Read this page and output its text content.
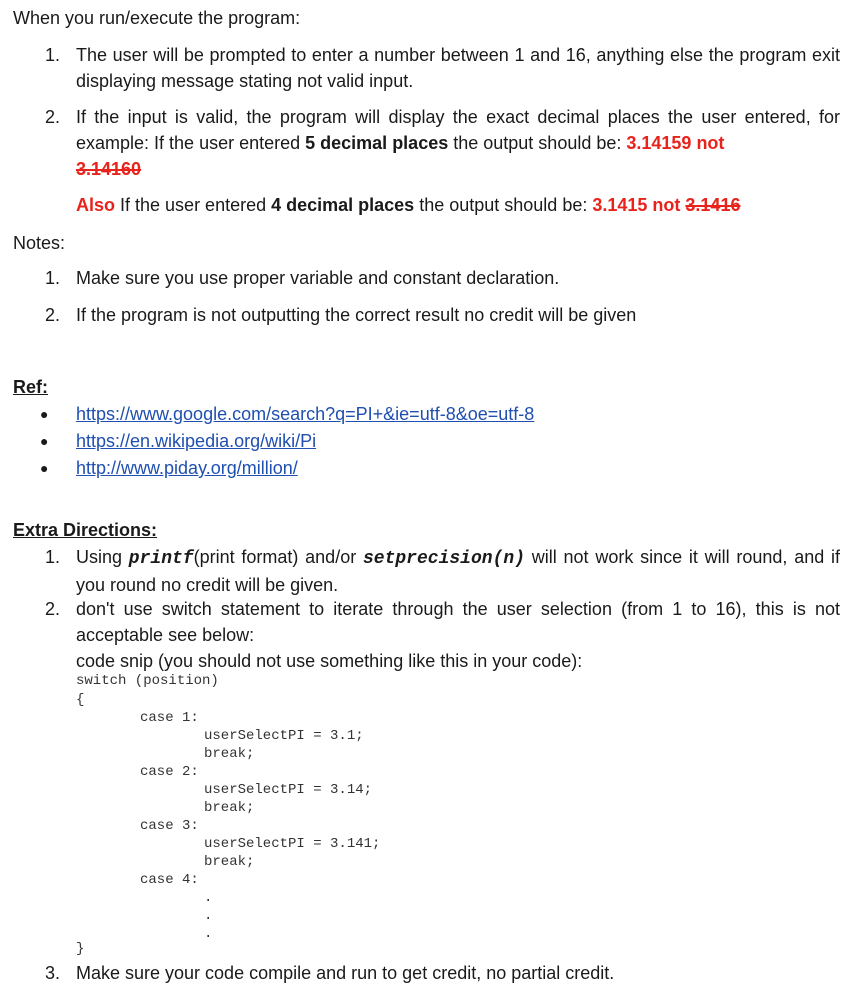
When you run/execute the program:
1. The user will be prompted to enter a number between 1 and 16, anything else the program exit displaying message stating not valid input.
2. If the input is valid, the program will display the exact decimal places the user entered, for example: If the user entered 5 decimal places the output should be: 3.14159 not
3.14160
Also If the user entered 4 decimal places the output should be: 3.1415 not 3.1416
Notes:
1. Make sure you use proper variable and constant declaration.
2. If the program is not outputting the correct result no credit will be given
Ref:
● https://www.google.com/search?q=PI+&ie=utf-8&oe=utf-8
● https://en.wikipedia.org/wiki/Pi
● http://www.piday.org/million/
Extra Directions:
1. Using printf(print format) and/or setprecision(n) will not work since it will round, and if you round no credit will be given.
2. don't use switch statement to iterate through the user selection (from 1 to 16), this is not acceptable see below:
code snip (you should not use something like this in your code):
switch (position)
{
case 1:
userSelectPI = 3.1;
break;
case 2:
userSelectPI = 3.14;
break;
case 3:
userSelectPI = 3.141;
break;
case 4:
.
.
.
}
3. Make sure your code compile and run to get credit, no partial credit.
